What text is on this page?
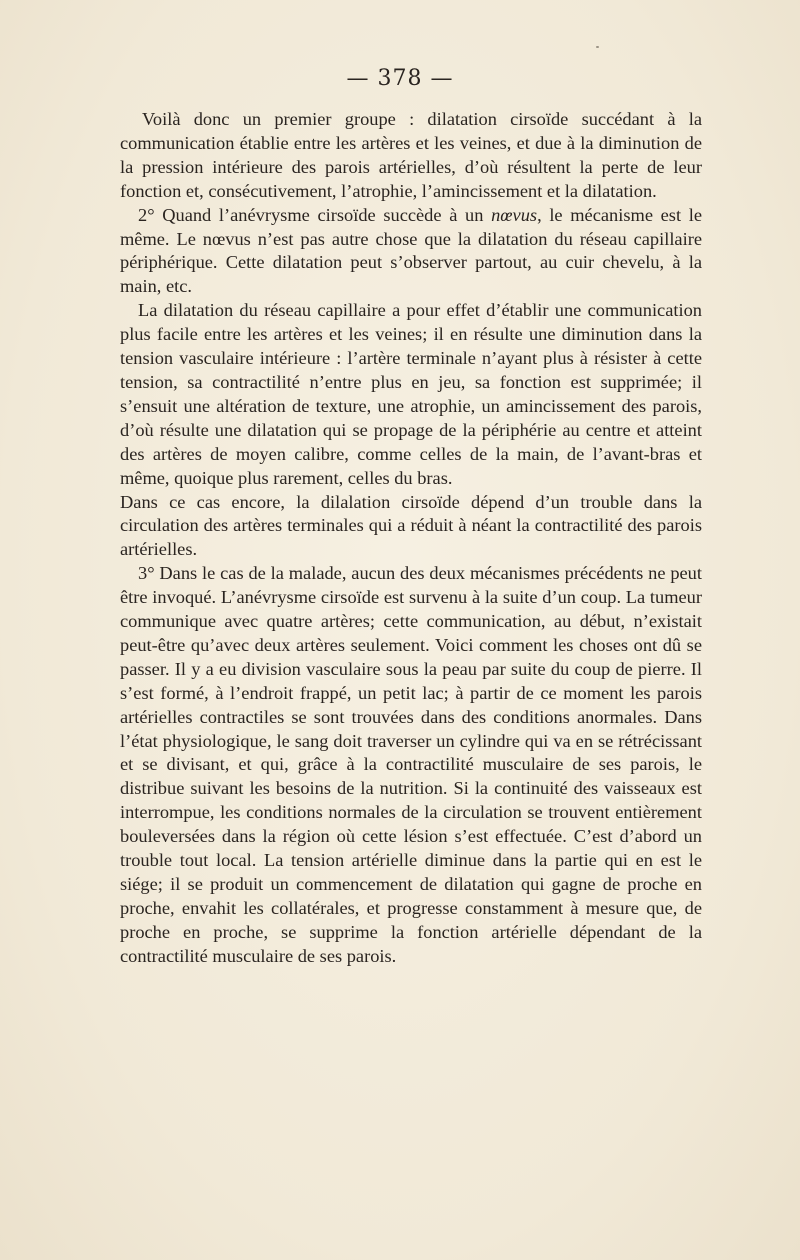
— 378 —

Voilà donc un premier groupe : dilatation cirsoïde succédant à la communication établie entre les artères et les veines, et due à la diminution de la pression intérieure des parois artérielles, d’où résultent la perte de leur fonction et, consécutivement, l’atrophie, l’amincissement et la dilatation.

2° Quand l’anévrysme cirsoïde succède à un nœvus, le mécanisme est le même. Le nœvus n’est pas autre chose que la dilatation du réseau capillaire périphérique. Cette dilatation peut s’observer partout, au cuir chevelu, à la main, etc.

La dilatation du réseau capillaire a pour effet d’établir une communication plus facile entre les artères et les veines; il en résulte une diminution dans la tension vasculaire intérieure : l’artère terminale n’ayant plus à résister à cette tension, sa contractilité n’entre plus en jeu, sa fonction est supprimée; il s’ensuit une altération de texture, une atrophie, un amincissement des parois, d’où résulte une dilatation qui se propage de la périphérie au centre et atteint des artères de moyen calibre, comme celles de la main, de l’avant-bras et même, quoique plus rarement, celles du bras.

Dans ce cas encore, la dilalation cirsoïde dépend d’un trouble dans la circulation des artères terminales qui a réduit à néant la contractilité des parois artérielles.

3° Dans le cas de la malade, aucun des deux mécanismes précédents ne peut être invoqué. L’anévrysme cirsoïde est survenu à la suite d’un coup. La tumeur communique avec quatre artères; cette communication, au début, n’existait peut-être qu’avec deux artères seulement. Voici comment les choses ont dû se passer. Il y a eu division vasculaire sous la peau par suite du coup de pierre. Il s’est formé, à l’endroit frappé, un petit lac; à partir de ce moment les parois artérielles contractiles se sont trouvées dans des conditions anormales. Dans l’état physiologique, le sang doit traverser un cylindre qui va en se rétrécissant et se divisant, et qui, grâce à la contractilité musculaire de ses parois, le distribue suivant les besoins de la nutrition. Si la continuité des vaisseaux est interrompue, les conditions normales de la circulation se trouvent entièrement bouleversées dans la région où cette lésion s’est effectuée. C’est d’abord un trouble tout local. La tension artérielle diminue dans la partie qui en est le siége; il se produit un commencement de dilatation qui gagne de proche en proche, envahit les collatérales, et progresse constamment à mesure que, de proche en proche, se supprime la fonction artérielle dépendant de la contractilité musculaire de ses parois.
